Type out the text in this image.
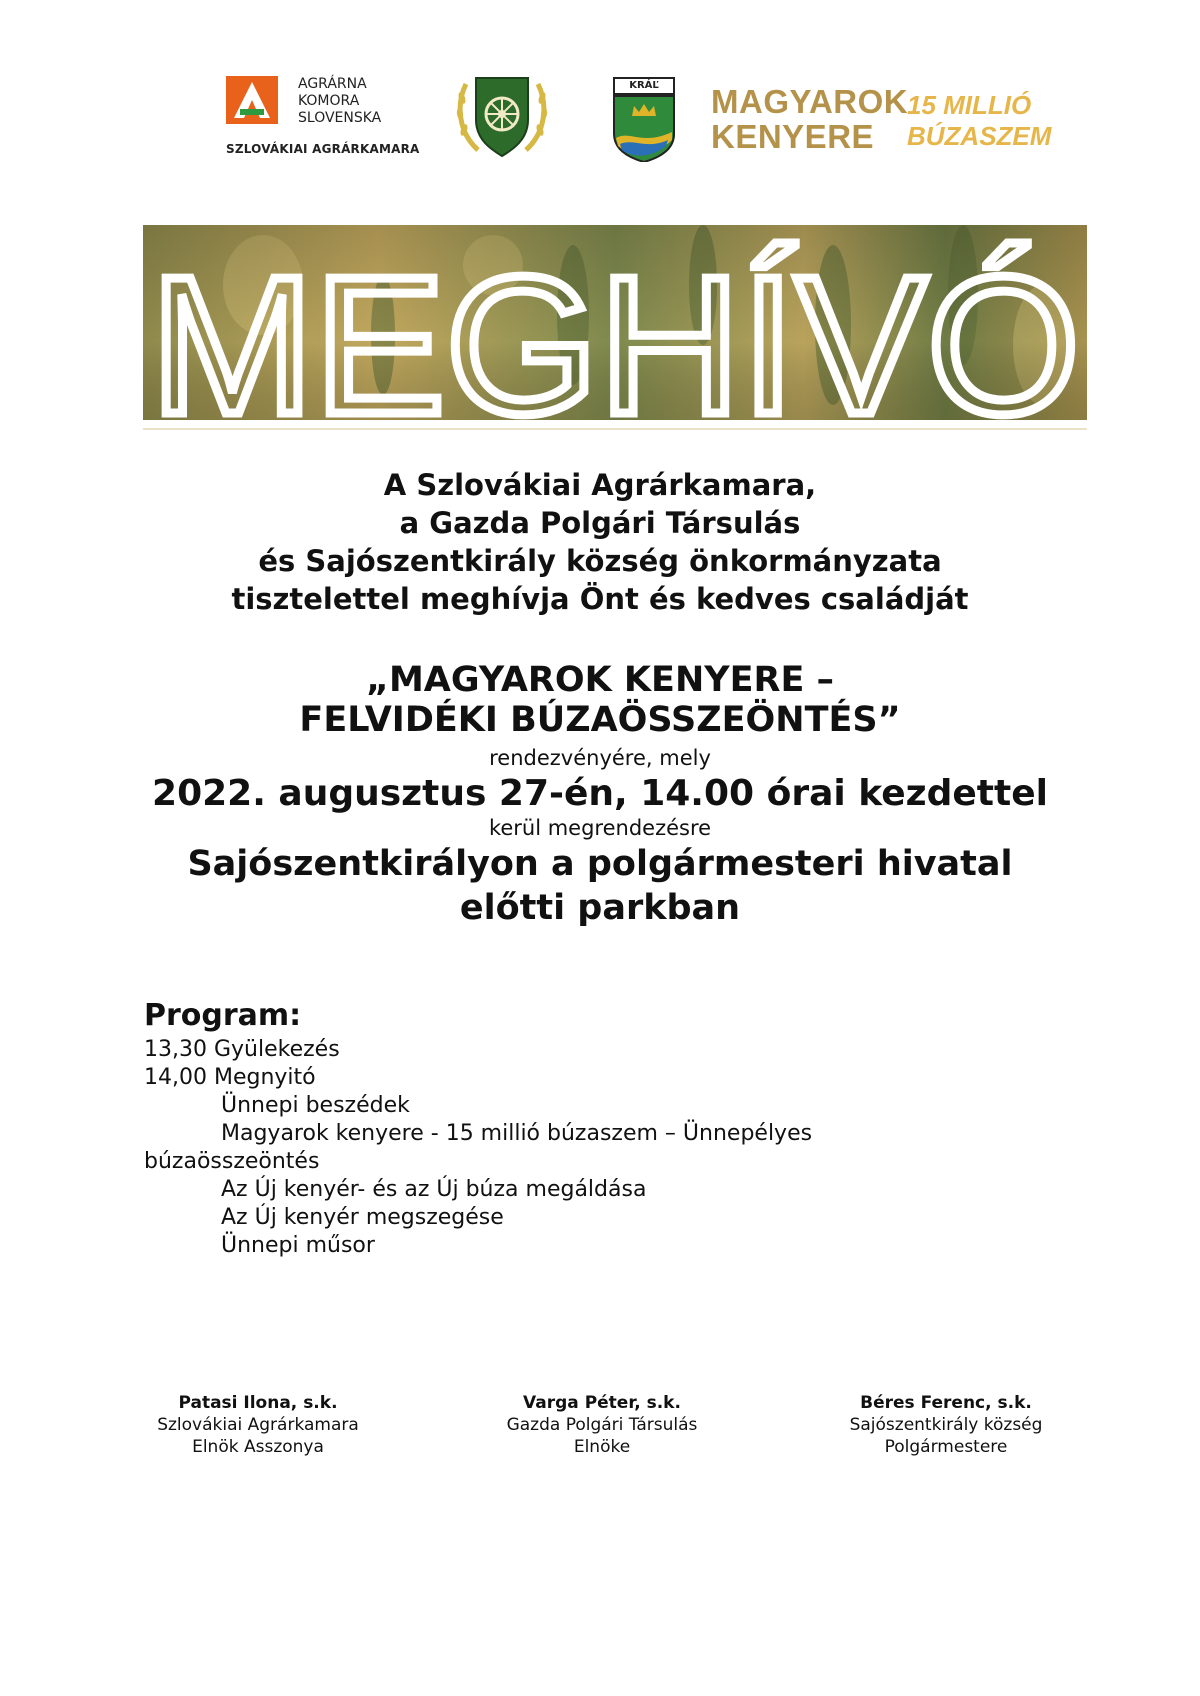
AGRÁRNA
KOMORA
SLOVENSKA
SZLOVÁKIAI AGRÁRKAMARA
KRÁĽ	MAGYAROK
KENYERE
15 MILLIÓ
BÚZASZEM
MEGHÍVÓ
A Szlovákiai Agrárkamara,
a Gazda Polgári Társulás
és Sajószentkirály község önkormányzata
tisztelettel meghívja Önt és kedves családját
„MAGYAROK KENYERE –
FELVIDÉKI BÚZAÖSSZEÖNTÉS”
rendezvényére, mely
2022. augusztus 27-én, 14.00 órai kezdettel
kerül megrendezésre
Sajószentkirályon a polgármesteri hivatal
előtti parkban
Program:
13,30 Gyülekezés
14,00 Megnyitó
Ünnepi beszédek
Magyarok kenyere - 15 millió búzaszem – Ünnepélyes
búzaösszeöntés
Az Új kenyér- és az Új búza megáldása
Az Új kenyér megszegése
Ünnepi műsor
Patasi Ilona, s.k.
Szlovákiai Agrárkamara
Elnök Asszonya
Varga Péter, s.k.
Gazda Polgári Társulás
Elnöke
Béres Ferenc, s.k.
Sajószentkirály község
Polgármestere
